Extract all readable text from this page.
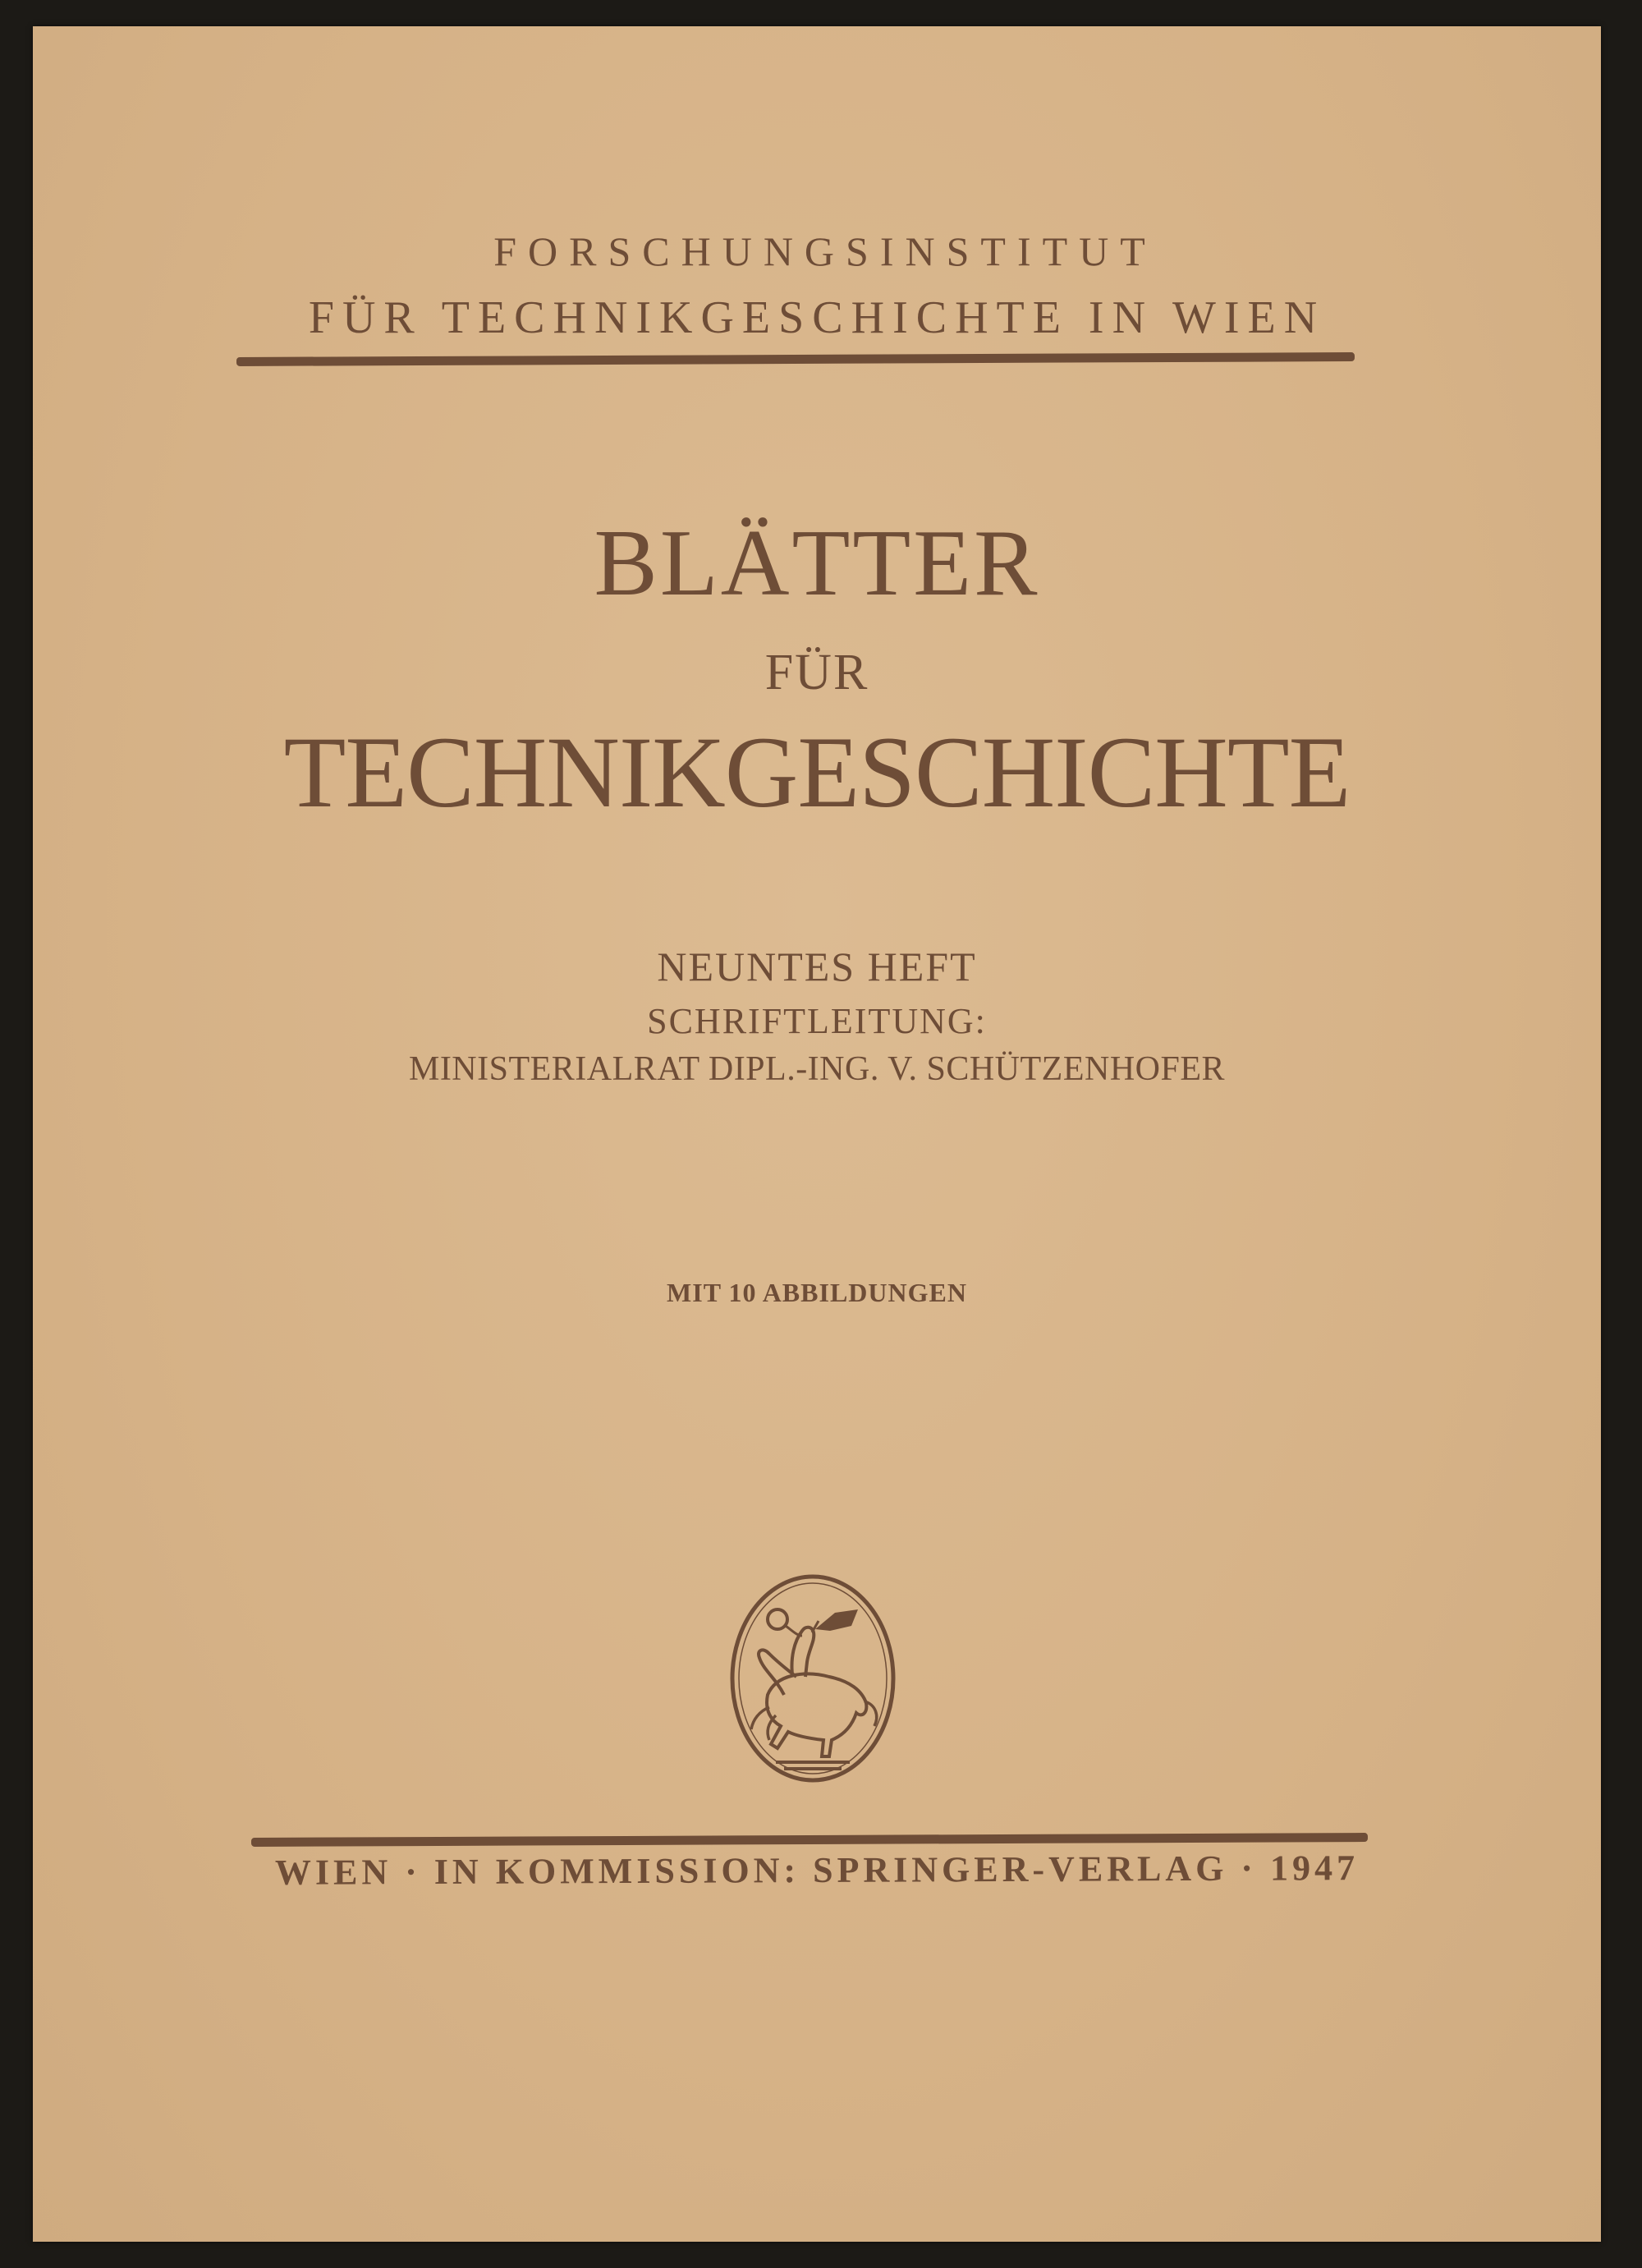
FORSCHUNGSINSTITUT

FÜR TECHNIKGESCHICHTE IN WIEN

BLÄTTER

FÜR

TECHNIKGESCHICHTE

NEUNTES HEFT

SCHRIFTLEITUNG:

MINISTERIALRAT DIPL.-ING. V. SCHÜTZENHOFER

MIT 10 ABBILDUNGEN

WIEN · IN KOMMISSION: SPRINGER-VERLAG · 1947
